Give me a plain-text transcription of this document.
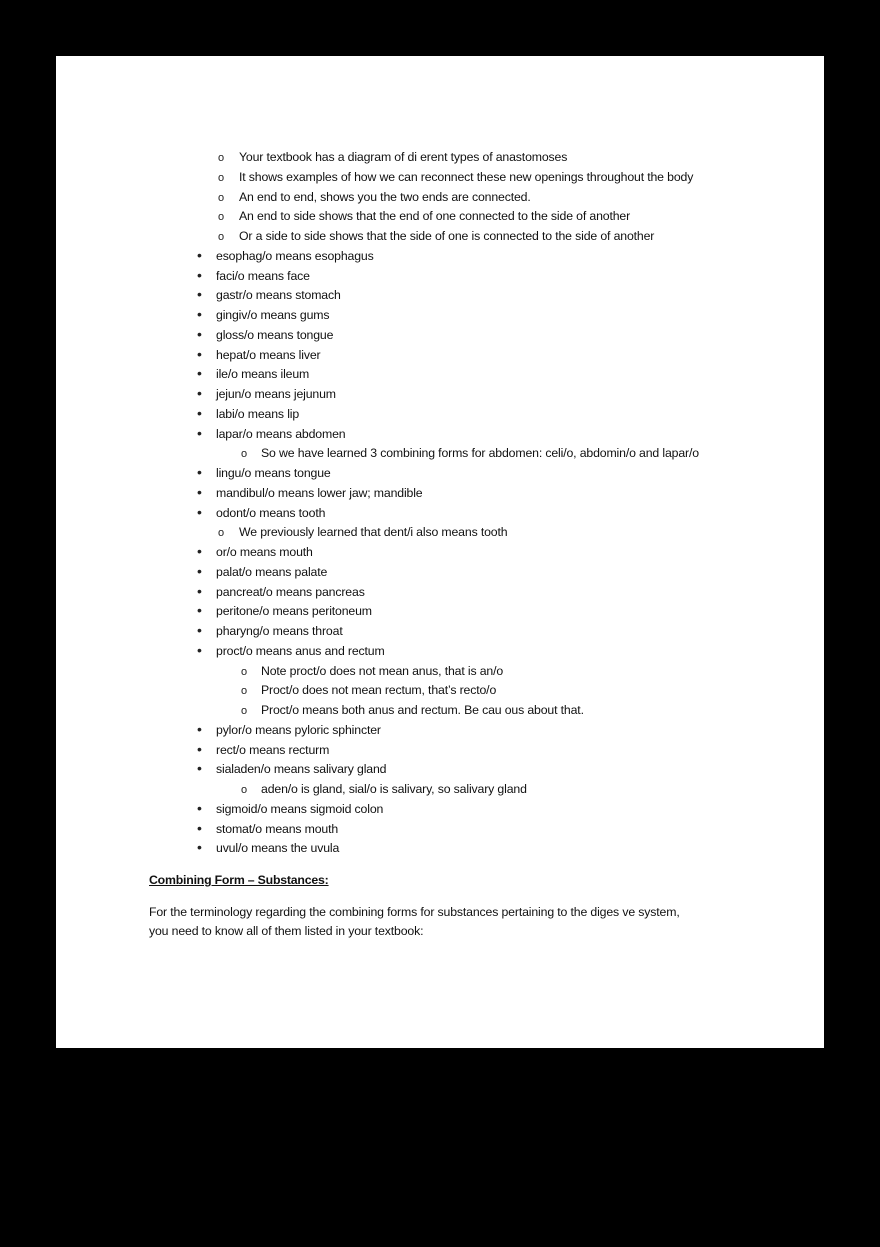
o
Your textbook has a diagram of di erent types of anastomoses
o
It shows examples of how we can reconnect these new openings throughout the body
o
An end to end, shows you the two ends are connected.
o
An end to side shows that the end of one connected to the side of another
o
Or a side to side shows that the side of one is connected to the side of another
•
esophag/o means esophagus
•
faci/o means face
•
gastr/o means stomach
•
gingiv/o means gums
•
gloss/o means tongue
•
hepat/o means liver
•
ile/o means ileum
•
jejun/o means jejunum
•
labi/o means lip
•
lapar/o means abdomen
o
So we have learned 3 combining forms for abdomen: celi/o, abdomin/o and lapar/o
•
lingu/o means tongue
•
mandibul/o means lower jaw; mandible
•
odont/o means tooth
o
We previously learned that dent/i also means tooth
•
or/o means mouth
•
palat/o means palate
•
pancreat/o means pancreas
•
peritone/o means peritoneum
•
pharyng/o means throat
•
proct/o means anus and rectum
o
Note proct/o does not mean anus, that is an/o
o
Proct/o does not mean rectum, that’s recto/o
o
Proct/o means both anus and rectum. Be cau ous about that.
•
pylor/o means pyloric sphincter
•
rect/o means recturm
•
sialaden/o means salivary gland
o
aden/o is gland, sial/o is salivary, so salivary gland
•
sigmoid/o means sigmoid colon
•
stomat/o means mouth
•
uvul/o means the uvula
Combining Form – Substances:
For the terminology regarding the combining forms for substances pertaining to the diges ve system,
you need to know all of them listed in your textbook:
